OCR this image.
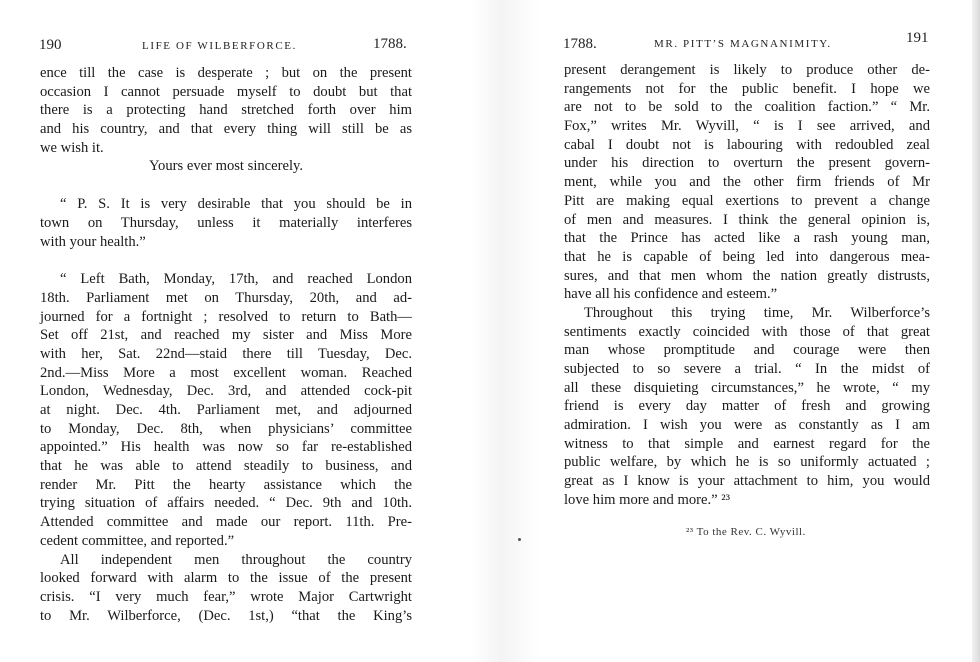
190	LIFE OF WILBERFORCE.	1788.
ence till the case is desperate ; but on the present
occasion I cannot persuade myself to doubt but that
there is a protecting hand stretched forth over him
and his country, and that every thing will still be as
we wish it.
Yours ever most sincerely.
“ P. S. It is very desirable that you should be in
town on Thursday, unless it materially interferes
with your health.”
“ Left Bath, Monday, 17th, and reached London
18th. Parliament met on Thursday, 20th, and ad-
journed for a fortnight ; resolved to return to Bath—
Set off 21st, and reached my sister and Miss More
with her, Sat. 22nd—staid there till Tuesday, Dec.
2nd.—Miss More a most excellent woman. Reached
London, Wednesday, Dec. 3rd, and attended cock-pit
at night. Dec. 4th. Parliament met, and adjourned
to Monday, Dec. 8th, when physicians’ committee
appointed.” His health was now so far re-established
that he was able to attend steadily to business, and
render Mr. Pitt the hearty assistance which the
trying situation of affairs needed. “ Dec. 9th and 10th.
Attended committee and made our report. 11th. Pre-
cedent committee, and reported.”
All independent men throughout the country
looked forward with alarm to the issue of the present
crisis. “I very much fear,” wrote Major Cartwright
to Mr. Wilberforce, (Dec. 1st,) “that the King’s
1788.	MR. PITT’S MAGNANIMITY.	191
present derangement is likely to produce other de-
rangements not for the public benefit. I hope we
are not to be sold to the coalition faction.” “ Mr.
Fox,” writes Mr. Wyvill, “ is I see arrived, and
cabal I doubt not is labouring with redoubled zeal
under his direction to overturn the present govern-
ment, while you and the other firm friends of Mr
Pitt are making equal exertions to prevent a change
of men and measures. I think the general opinion is,
that the Prince has acted like a rash young man,
that he is capable of being led into dangerous mea-
sures, and that men whom the nation greatly distrusts,
have all his confidence and esteem.”
Throughout this trying time, Mr. Wilberforce’s
sentiments exactly coincided with those of that great
man whose promptitude and courage were then
subjected to so severe a trial. “ In the midst of
all these disquieting circumstances,” he wrote, “ my
friend is every day matter of fresh and growing
admiration. I wish you were as constantly as I am
witness to that simple and earnest regard for the
public welfare, by which he is so uniformly actuated ;
great as I know is your attachment to him, you would
love him more and more.” ²³
²³ To the Rev. C. Wyvill.
